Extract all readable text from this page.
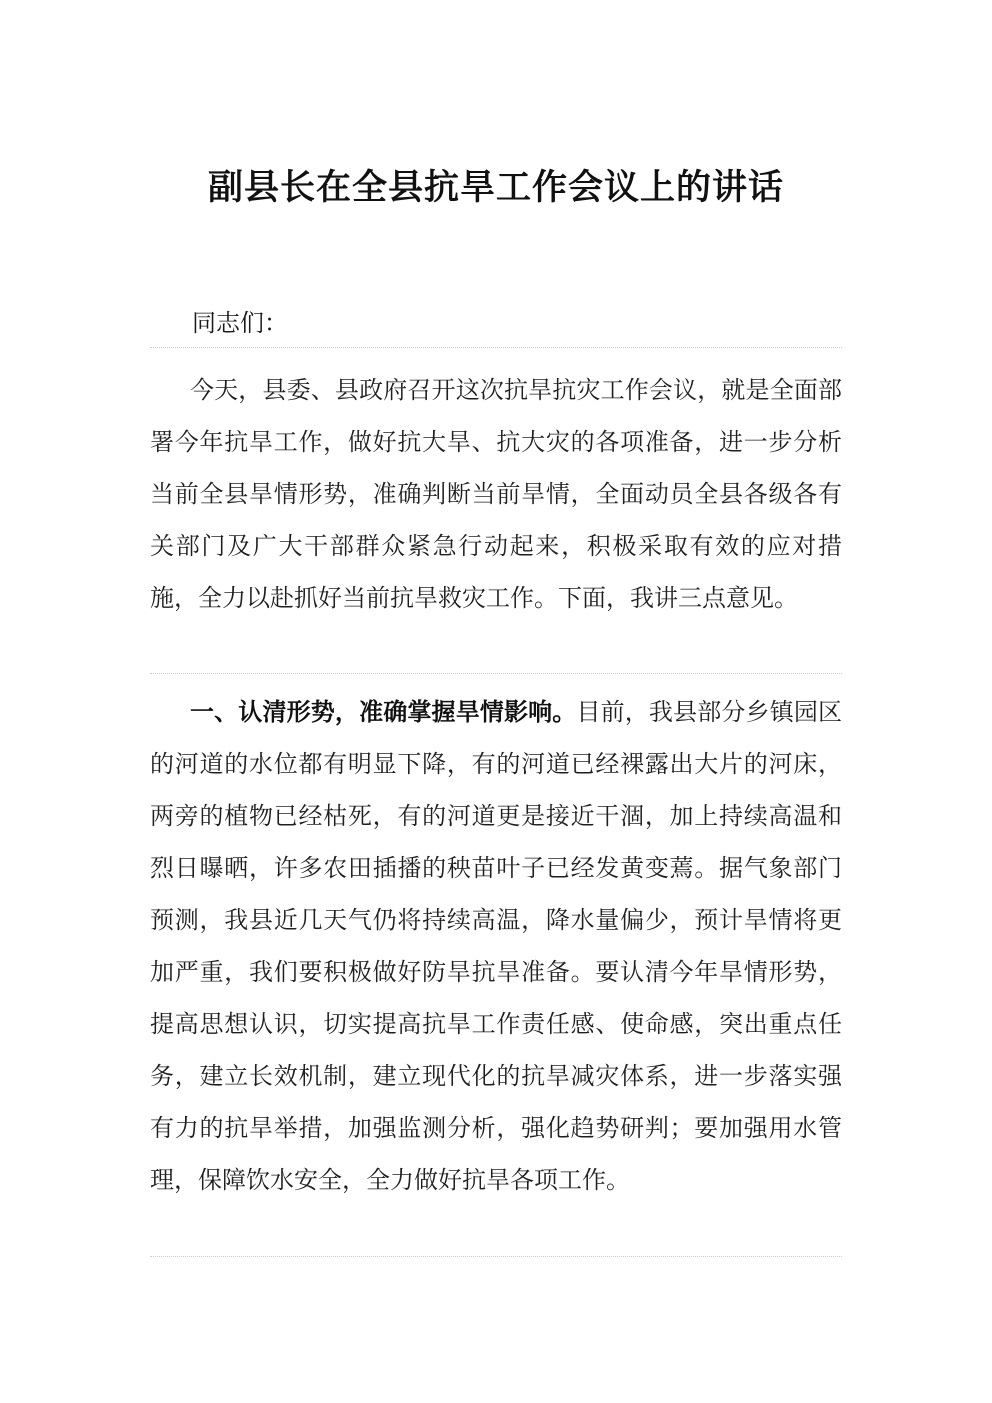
副县长在全县抗旱工作会议上的讲话

同志们：

今天，县委、县政府召开这次抗旱抗灾工作会议，就是全面部署今年抗旱工作，做好抗大旱、抗大灾的各项准备，进一步分析当前全县旱情形势，准确判断当前旱情，全面动员全县各级各有关部门及广大干部群众紧急行动起来，积极采取有效的应对措施，全力以赴抓好当前抗旱救灾工作。下面，我讲三点意见。

一、认清形势，准确掌握旱情影响。目前，我县部分乡镇园区的河道的水位都有明显下降，有的河道已经裸露出大片的河床，两旁的植物已经枯死，有的河道更是接近干涸，加上持续高温和烈日曝晒，许多农田插播的秧苗叶子已经发黄变蔫。据气象部门预测，我县近几天气仍将持续高温，降水量偏少，预计旱情将更加严重，我们要积极做好防旱抗旱准备。要认清今年旱情形势，提高思想认识，切实提高抗旱工作责任感、使命感，突出重点任务，建立长效机制，建立现代化的抗旱减灾体系，进一步落实强有力的抗旱举措，加强监测分析，强化趋势研判；要加强用水管理，保障饮水安全，全力做好抗旱各项工作。
